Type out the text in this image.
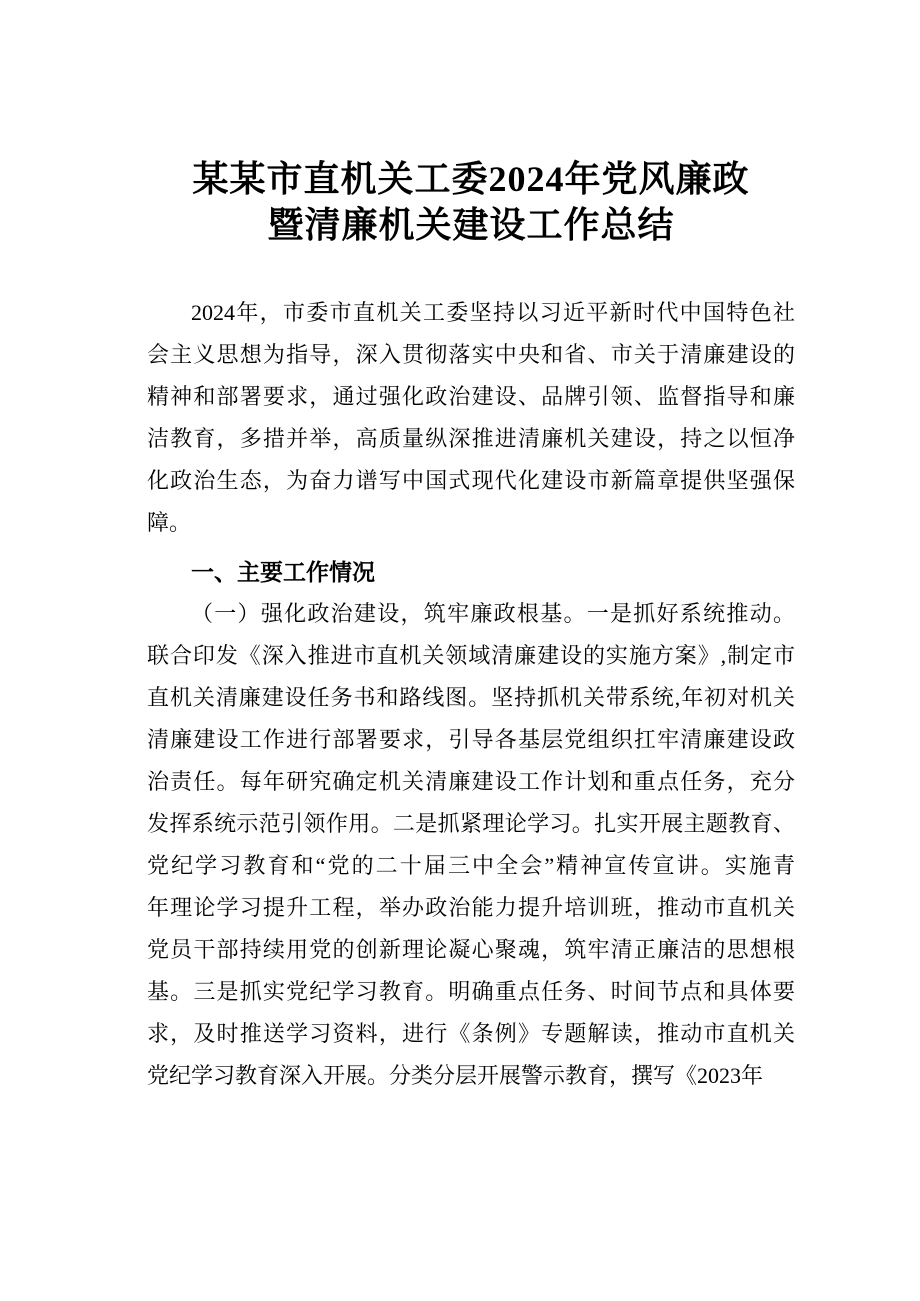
某某市直机关工委2024年党风廉政
暨清廉机关建设工作总结
2024年，市委市直机关工委坚持以习近平新时代中国特色社
会主义思想为指导，深入贯彻落实中央和省、市关于清廉建设的
精神和部署要求，通过强化政治建设、品牌引领、监督指导和廉
洁教育，多措并举，高质量纵深推进清廉机关建设，持之以恒净
化政治生态，为奋力谱写中国式现代化建设市新篇章提供坚强保
障。
一、主要工作情况
（一）强化政治建设，筑牢廉政根基。一是抓好系统推动。
联合印发《深入推进市直机关领域清廉建设的实施方案》,制定市
直机关清廉建设任务书和路线图。坚持抓机关带系统,年初对机关
清廉建设工作进行部署要求，引导各基层党组织扛牢清廉建设政
治责任。每年研究确定机关清廉建设工作计划和重点任务，充分
发挥系统示范引领作用。二是抓紧理论学习。扎实开展主题教育、
党纪学习教育和“党的二十届三中全会”精神宣传宣讲。实施青
年理论学习提升工程，举办政治能力提升培训班，推动市直机关
党员干部持续用党的创新理论凝心聚魂，筑牢清正廉洁的思想根
基。三是抓实党纪学习教育。明确重点任务、时间节点和具体要
求，及时推送学习资料，进行《条例》专题解读，推动市直机关
党纪学习教育深入开展。分类分层开展警示教育，撰写《2023年
